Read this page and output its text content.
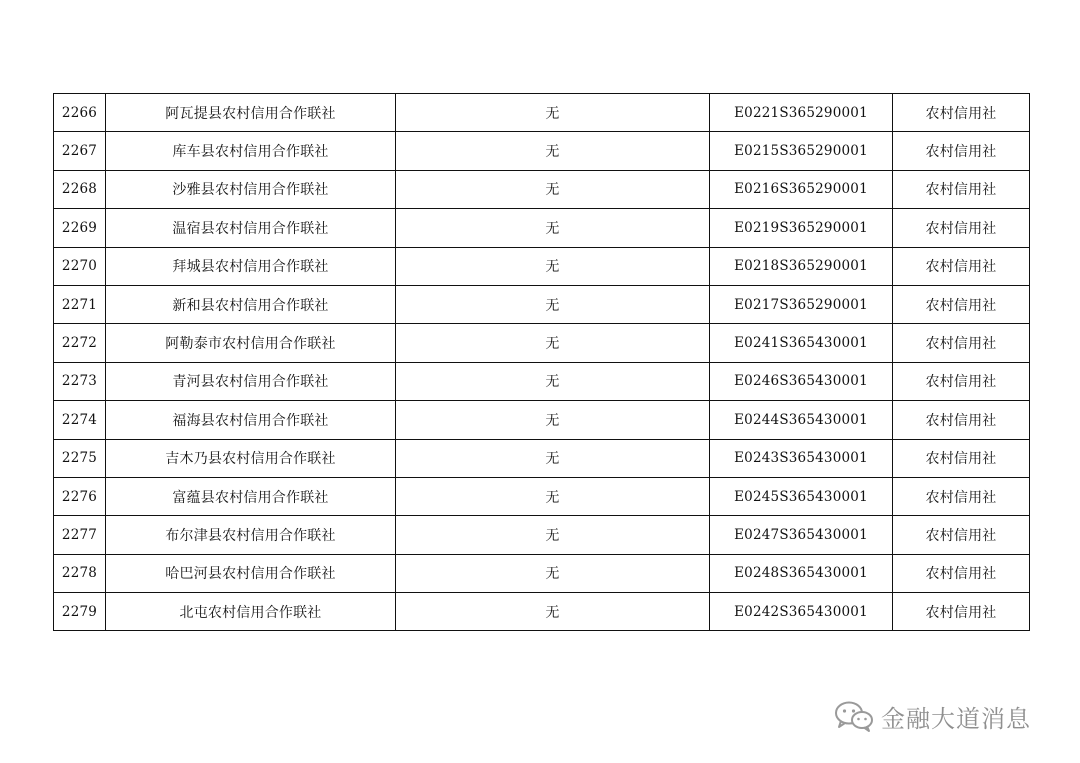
2266	阿瓦提县农村信用合作联社	无	E0221S365290001	农村信用社
2267	库车县农村信用合作联社	无	E0215S365290001	农村信用社
2268	沙雅县农村信用合作联社	无	E0216S365290001	农村信用社
2269	温宿县农村信用合作联社	无	E0219S365290001	农村信用社
2270	拜城县农村信用合作联社	无	E0218S365290001	农村信用社
2271	新和县农村信用合作联社	无	E0217S365290001	农村信用社
2272	阿勒泰市农村信用合作联社	无	E0241S365430001	农村信用社
2273	青河县农村信用合作联社	无	E0246S365430001	农村信用社
2274	福海县农村信用合作联社	无	E0244S365430001	农村信用社
2275	吉木乃县农村信用合作联社	无	E0243S365430001	农村信用社
2276	富蕴县农村信用合作联社	无	E0245S365430001	农村信用社
2277	布尔津县农村信用合作联社	无	E0247S365430001	农村信用社
2278	哈巴河县农村信用合作联社	无	E0248S365430001	农村信用社
2279	北屯农村信用合作联社	无	E0242S365430001	农村信用社
金融大道消息
